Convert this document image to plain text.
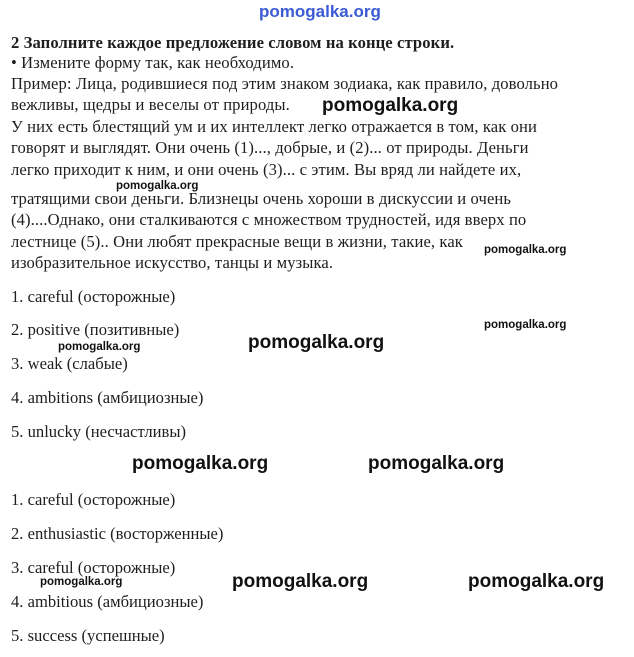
pomogalka.org
2 Заполните каждое предложение словом на конце строки.
• Измените форму так, как необходимо.
Пример: Лица, родившиеся под этим знаком зодиака, как правило, довольно
вежливы, щедры и веселы от природы.
У них есть блестящий ум и их интеллект легко отражается в том, как они
говорят и выглядят. Они очень (1)..., добрые, и (2)... от природы. Деньги
легко приходит к ним, и они очень (3)... с этим. Вы вряд ли найдете их,
тратящими свои деньги. Близнецы очень хороши в дискуссии и очень
(4)....Однако, они сталкиваются с множеством трудностей, идя вверх по
лестнице (5).. Они любят прекрасные вещи в жизни, такие, как
изобразительное искусство, танцы и музыка.
1. careful (осторожные)
2. positive (позитивные)
3. weak (слабые)
4. ambitions (амбициозные)
5. unlucky (несчастливы)
1. careful (осторожные)
2. enthusiastic (восторженные)
3. careful (осторожные)
4. ambitious (амбициозные)
5. success (успешные)
pomogalka.org
pomogalka.org
pomogalka.org
pomogalka.org
pomogalka.org	pomogalka.org
pomogalka.org	pomogalka.org
pomogalka.org	pomogalka.org	pomogalka.org
